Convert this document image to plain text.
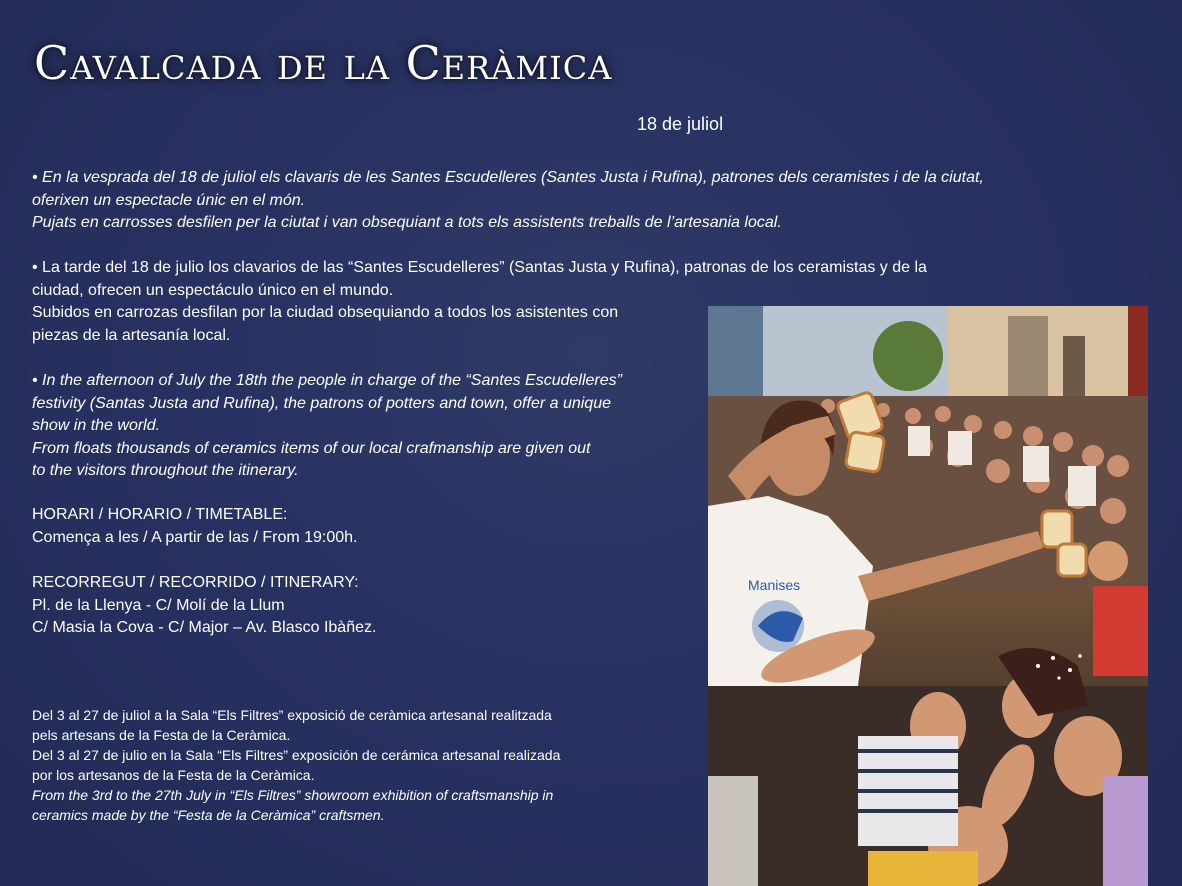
Cavalcada de la Ceràmica
18 de juliol

• En la vesprada del 18 de juliol els clavaris de les Santes Escudelleres (Santes Justa i Rufina), patrones dels ceramistes i de la ciutat,

oferixen un espectacle únic en el món.

Pujats en carrosses desfilen per la ciutat i van obsequiant a tots els assistents treballs de l’artesania local.

• La tarde del 18 de julio los clavarios de las “Santes Escudelleres” (Santas Justa y Rufina), patronas de los ceramistas y de la

ciudad, ofrecen un espectáculo único en el mundo.

Subidos en carrozas desfilan por la ciudad obsequiando a todos los asistentes con

piezas de la artesanía local.

• In the afternoon of July the 18th the people in charge of the “Santes Escudelleres”

festivity (Santas Justa and Rufina), the patrons of potters and town, offer a unique

show in the world.

From floats thousands of ceramics items of our local crafmanship are given out

to the visitors throughout the itinerary.

HORARI / HORARIO / TIMETABLE:

Comença a les / A partir de las / From 19:00h.

RECORREGUT / RECORRIDO / ITINERARY:

Pl. de la Llenya - C/ Molí de la Llum

C/ Masia la Cova - C/ Major – Av. Blasco Ibàñez.

Del 3 al 27 de juliol a la Sala “Els Filtres” exposició de ceràmica artesanal realitzada

pels artesans de la Festa de la Ceràmica.

Del 3 al 27 de julio en la Sala “Els Filtres” exposición de cerámica artesanal realizada

por los artesanos de la Festa de la Ceràmica.

From the 3rd to the 27th July in “Els Filtres” showroom exhibition of craftsmanship in

ceramics made by the “Festa de la Ceràmica” craftsmen.

Manises
